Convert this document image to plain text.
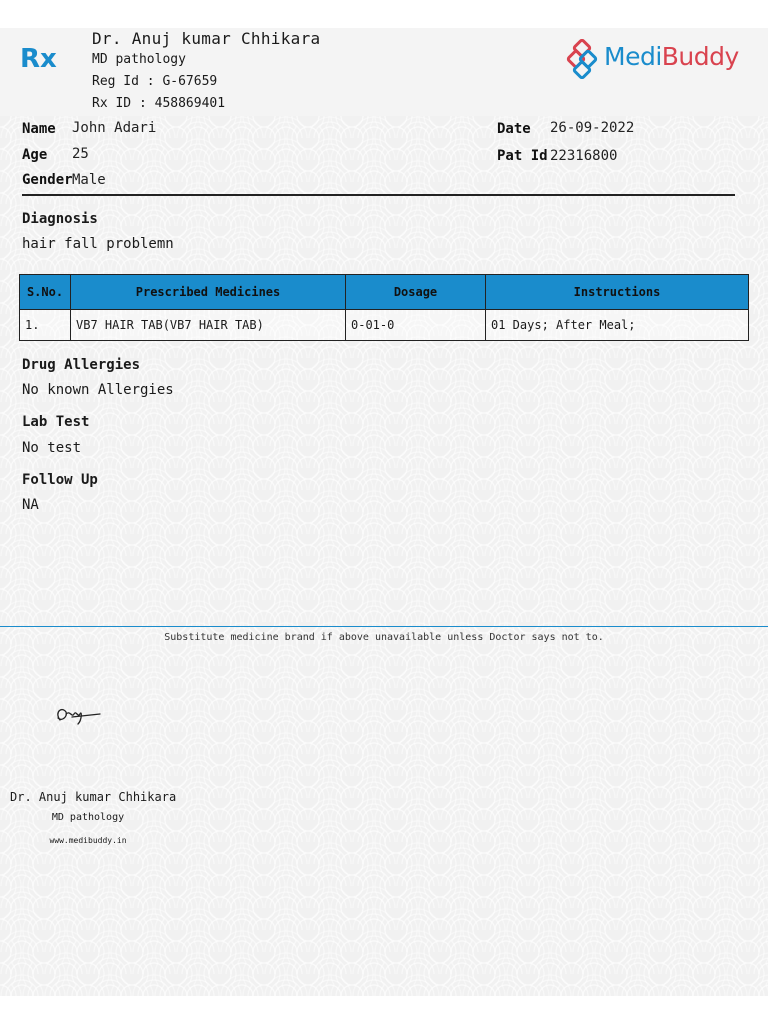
Rx
Dr. Anuj kumar Chhikara
MD pathology
Reg Id : G-67659
Rx ID : 458869401
MediBuddy
Name John Adari
Age 25
Gender Male
Date 26-09-2022
Pat Id 22316800
Diagnosis
hair fall problemn
S.No.	Prescribed Medicines	Dosage	Instructions
1.	VB7 HAIR TAB(VB7 HAIR TAB)	0-01-0	01 Days; After Meal;
Drug Allergies
No known Allergies
Lab Test
No test
Follow Up
NA
Substitute medicine brand if above unavailable unless Doctor says not to.
Dr. Anuj kumar Chhikara
MD pathology
www.medibuddy.in
